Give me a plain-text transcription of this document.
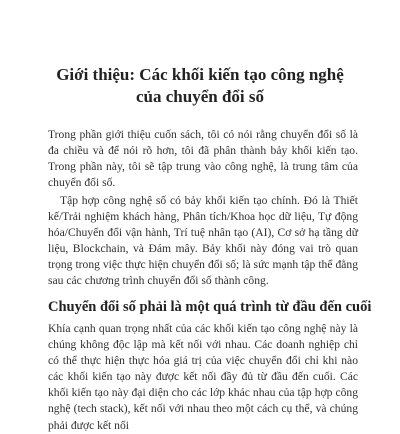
Giới thiệu: Các khối kiến tạo công nghệ
của chuyển đổi số

Trong phần giới thiệu cuốn sách, tôi có nói rằng chuyển đổi số là đa chiều và để nói rõ hơn, tôi đã phân thành bảy khối kiến tạo. Trong phần này, tôi sẽ tập trung vào công nghệ, là trung tâm của chuyển đổi số.

Tập hợp công nghệ số có bảy khối kiến tạo chính. Đó là Thiết kế/Trải nghiệm khách hàng, Phân tích/Khoa học dữ liệu, Tự động hóa/Chuyển đổi vận hành, Trí tuệ nhân tạo (AI), Cơ sở hạ tầng dữ liệu, Blockchain, và Đám mây. Bảy khối này đóng vai trò quan trọng trong việc thực hiện chuyển đổi số; là sức mạnh tập thể đằng sau các chương trình chuyển đổi số thành công.

Chuyển đổi số phải là một quá trình từ đầu đến cuối

Khía cạnh quan trọng nhất của các khối kiến tạo công nghệ này là chúng không độc lập mà kết nối với nhau. Các doanh nghiệp chỉ có thể thực hiện thực hóa giá trị của việc chuyển đổi chỉ khi nào các khối kiến tạo này được kết nối đầy đủ từ đầu đến cuối. Các khối kiến tạo này đại diện cho các lớp khác nhau của tập hợp công nghệ (tech stack), kết nối với nhau theo một cách cụ thể, và chúng phải được kết nối
